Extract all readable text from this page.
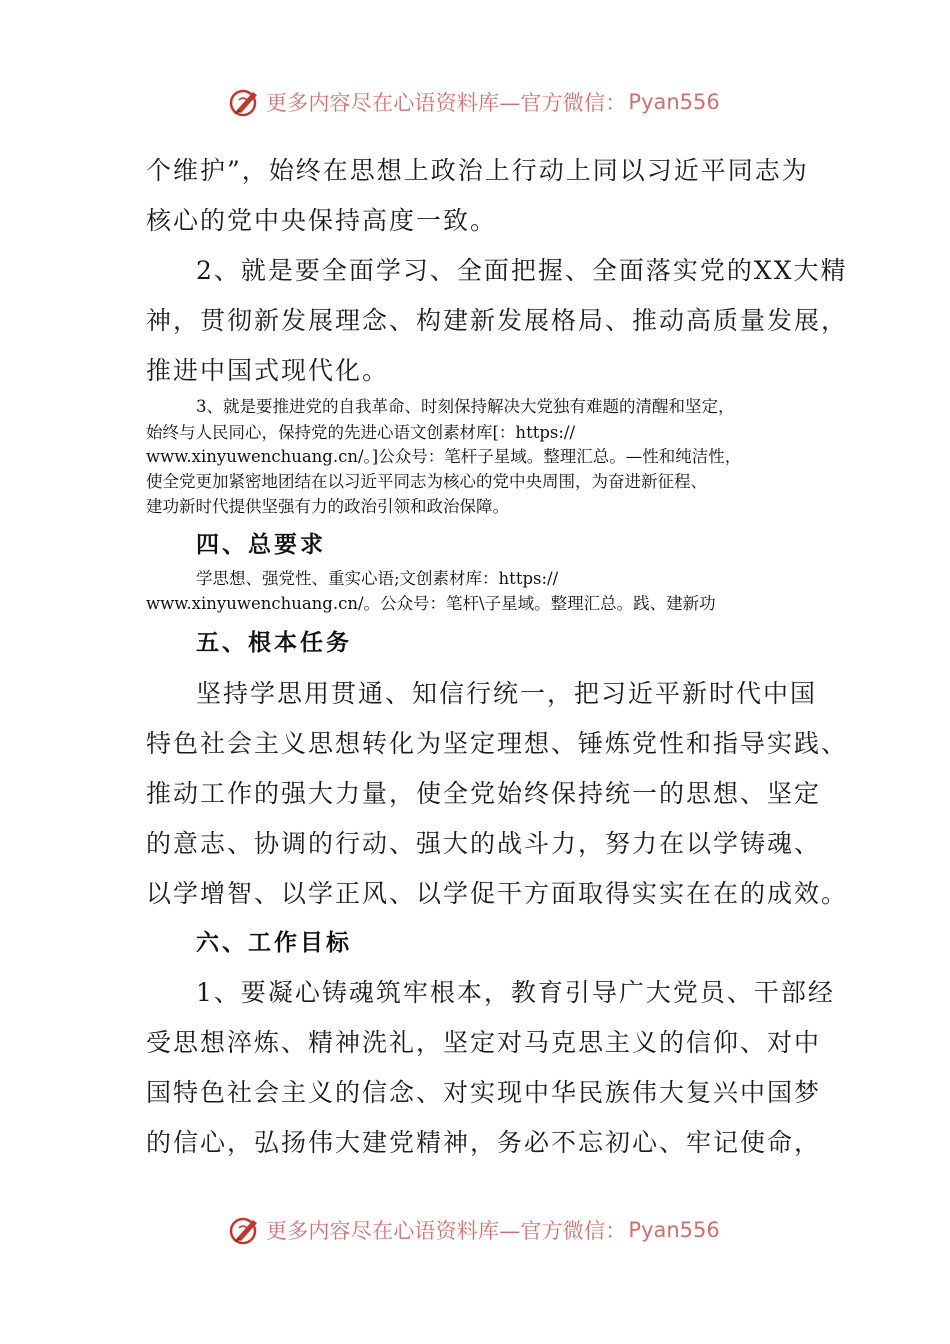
更多内容尽在心语资料库—官方微信： Pyan556
个维护”，始终在思想上政治上行动上同以习近平同志为
核心的党中央保持高度一致。
2、就是要全面学习、全面把握、全面落实党的XX大精
神，贯彻新发展理念、构建新发展格局、推动高质量发展，
推进中国式现代化。
3、就是要推进党的自我革命、时刻保持解决大党独有难题的清醒和坚定，
始终与人民同心，保持党的先进心语文创素材库[：https://
www.xinyuwenchuang.cn/。]公众号：笔杆子星域。整理汇总。—性和纯洁性，
使全党更加紧密地团结在以习近平同志为核心的党中央周围，为奋进新征程、
建功新时代提供坚强有力的政治引领和政治保障。
四、总要求
学思想、强党性、重实心语;文创素材库：https://
www.xinyuwenchuang.cn/。公众号：笔杆\子星域。整理汇总。践、建新功
五、根本任务
坚持学思用贯通、知信行统一，把习近平新时代中国
特色社会主义思想转化为坚定理想、锤炼党性和指导实践、
推动工作的强大力量，使全党始终保持统一的思想、坚定
的意志、协调的行动、强大的战斗力，努力在以学铸魂、
以学增智、以学正风、以学促干方面取得实实在在的成效。
六、工作目标
1、要凝心铸魂筑牢根本，教育引导广大党员、干部经
受思想淬炼、精神洗礼，坚定对马克思主义的信仰、对中
国特色社会主义的信念、对实现中华民族伟大复兴中国梦
的信心，弘扬伟大建党精神，务必不忘初心、牢记使命，
更多内容尽在心语资料库—官方微信： Pyan556
